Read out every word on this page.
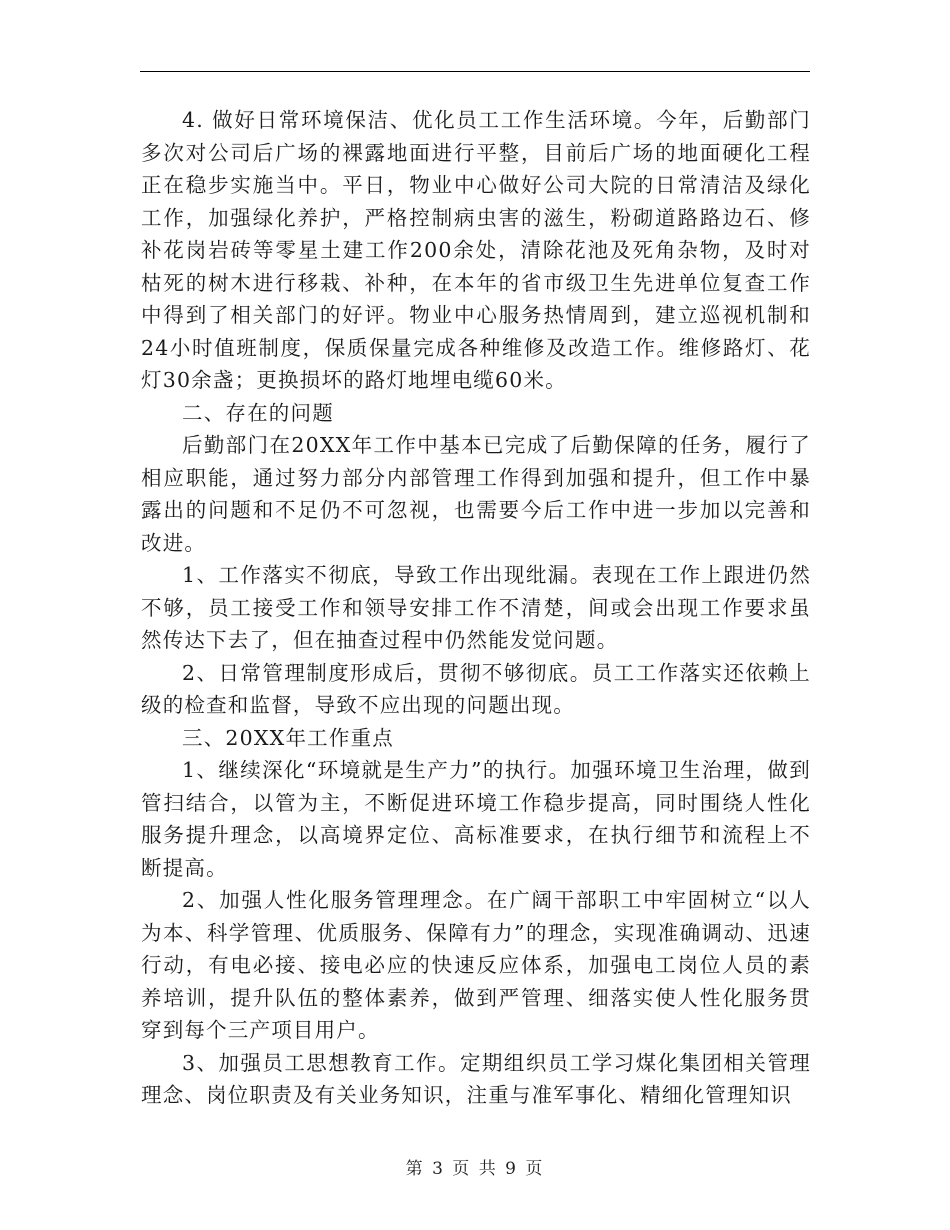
4. 做好日常环境保洁、优化员工工作生活环境。今年，后勤部门多次对公司后广场的裸露地面进行平整，目前后广场的地面硬化工程正在稳步实施当中。平日，物业中心做好公司大院的日常清洁及绿化工作，加强绿化养护，严格控制病虫害的滋生，粉砌道路路边石、修补花岗岩砖等零星土建工作200余处，清除花池及死角杂物，及时对枯死的树木进行移栽、补种，在本年的省市级卫生先进单位复查工作中得到了相关部门的好评。物业中心服务热情周到，建立巡视机制和24小时值班制度，保质保量完成各种维修及改造工作。维修路灯、花灯30余盏；更换损坏的路灯地埋电缆60米。

二、存在的问题

后勤部门在20XX年工作中基本已完成了后勤保障的任务，履行了相应职能，通过努力部分内部管理工作得到加强和提升，但工作中暴露出的问题和不足仍不可忽视，也需要今后工作中进一步加以完善和改进。

1、工作落实不彻底，导致工作出现纰漏。表现在工作上跟进仍然不够，员工接受工作和领导安排工作不清楚，间或会出现工作要求虽然传达下去了，但在抽查过程中仍然能发觉问题。

2、日常管理制度形成后，贯彻不够彻底。员工工作落实还依赖上级的检查和监督，导致不应出现的问题出现。

三、20XX年工作重点

1、继续深化“环境就是生产力”的执行。加强环境卫生治理，做到管扫结合，以管为主，不断促进环境工作稳步提高，同时围绕人性化服务提升理念，以高境界定位、高标准要求，在执行细节和流程上不断提高。

2、加强人性化服务管理理念。在广阔干部职工中牢固树立“以人为本、科学管理、优质服务、保障有力”的理念，实现准确调动、迅速行动，有电必接、接电必应的快速反应体系，加强电工岗位人员的素养培训，提升队伍的整体素养，做到严管理、细落实使人性化服务贯穿到每个三产项目用户。

3、加强员工思想教育工作。定期组织员工学习煤化集团相关管理理念、岗位职责及有关业务知识，注重与准军事化、精细化管理知识

第 3 页 共 9 页
